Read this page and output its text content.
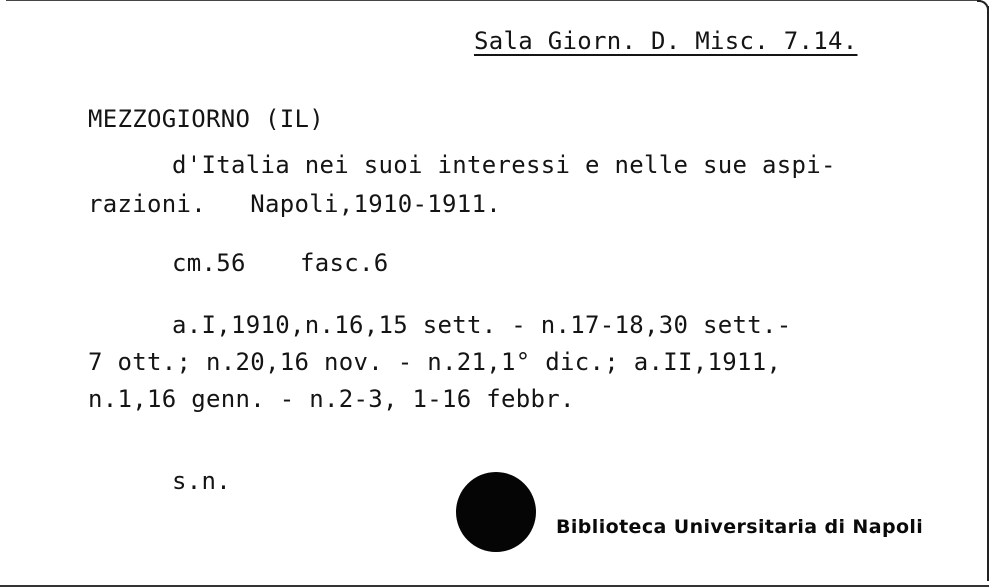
Sala Giorn. D. Misc. 7.14.

MEZZOGIORNO (IL)

d'Italia nei suoi interessi e nelle sue aspi-

razioni.   Napoli,1910-1911.

cm.56 fasc.6

a.I,1910,n.16,15 sett. - n.17-18,30 sett.-

7 ott.; n.20,16 nov. - n.21,1° dic.; a.II,1911,

n.1,16 genn. - n.2-3, 1-16 febbr.

s.n.

Biblioteca Universitaria di Napoli
